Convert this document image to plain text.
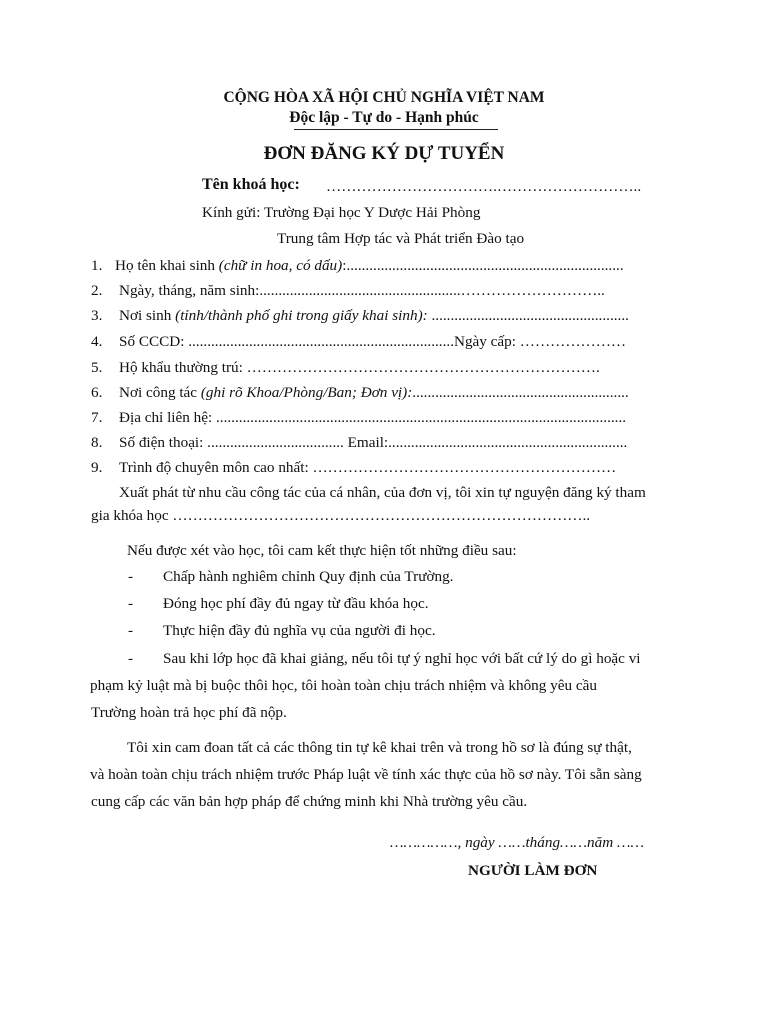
CỘNG HÒA XÃ HỘI CHỦ NGHĨA VIỆT NAM
Độc lập - Tự do - Hạnh phúc
ĐƠN ĐĂNG KÝ DỰ TUYỂN
Tên khoá học: …………………………….………………………..
Kính gửi: Trường Đại học Y Dược Hải Phòng
Trung tâm Hợp tác và Phát triển Đào tạo
1. Họ tên khai sinh (chữ in hoa, có dấu):.........................................................................
2. Ngày, tháng, năm sinh:.....................................................………………………..
3. Nơi sinh (tỉnh/thành phố ghi trong giấy khai sinh): ....................................................
4. Số CCCD: ......................................................................Ngày cấp: …………………
5. Hộ khẩu thường trú: …………………………………………………………….
6. Nơi công tác (ghi rõ Khoa/Phòng/Ban; Đơn vị):.........................................................
7. Địa chỉ liên hệ: ............................................................................................................
8. Số điện thoại: .................................... Email:...............................................................
9. Trình độ chuyên môn cao nhất: ……………………………………………………
Xuất phát từ nhu cầu công tác của cá nhân, của đơn vị, tôi xin tự nguyện đăng ký tham
gia khóa học ………………………………………………………………………..
Nếu được xét vào học, tôi cam kết thực hiện tốt những điều sau:
- Chấp hành nghiêm chỉnh Quy định của Trường.
- Đóng học phí đầy đủ ngay từ đầu khóa học.
- Thực hiện đầy đủ nghĩa vụ của người đi học.
- Sau khi lớp học đã khai giảng, nếu tôi tự ý nghỉ học với bất cứ lý do gì hoặc vi
phạm kỷ luật mà bị buộc thôi học, tôi hoàn toàn chịu trách nhiệm và không yêu cầu
Trường hoàn trả học phí đã nộp.
Tôi xin cam đoan tất cả các thông tin tự kê khai trên và trong hồ sơ là đúng sự thật,
và hoàn toàn chịu trách nhiệm trước Pháp luật về tính xác thực của hồ sơ này. Tôi sẵn sàng
cung cấp các văn bản hợp pháp để chứng minh khi Nhà trường yêu cầu.
……………, ngày ……tháng……năm ……
NGƯỜI LÀM ĐƠN
